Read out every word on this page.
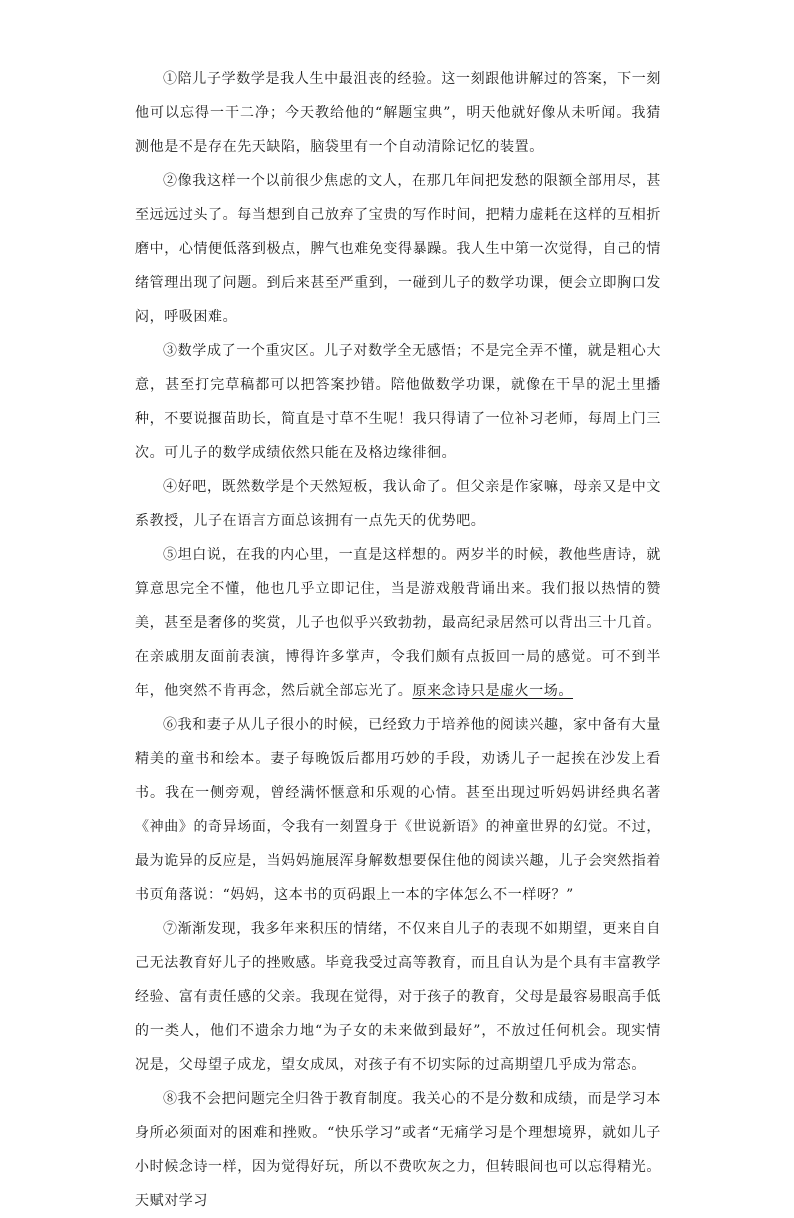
①陪儿子学数学是我人生中最沮丧的经验。这一刻跟他讲解过的答案，下一刻他可以忘得一干二净；今天教给他的“解题宝典”，明天他就好像从未听闻。我猜测他是不是存在先天缺陷，脑袋里有一个自动清除记忆的装置。

②像我这样一个以前很少焦虑的文人，在那几年间把发愁的限额全部用尽，甚至远远过头了。每当想到自己放弃了宝贵的写作时间，把精力虚耗在这样的互相折磨中，心情便低落到极点，脾气也难免变得暴躁。我人生中第一次觉得，自己的情绪管理出现了问题。到后来甚至严重到，一碰到儿子的数学功课，便会立即胸口发闷，呼吸困难。

③数学成了一个重灾区。儿子对数学全无感悟；不是完全弄不懂，就是粗心大意，甚至打完草稿都可以把答案抄错。陪他做数学功课，就像在干旱的泥土里播种，不要说揠苗助长，简直是寸草不生呢！我只得请了一位补习老师，每周上门三次。可儿子的数学成绩依然只能在及格边缘徘徊。

④好吧，既然数学是个天然短板，我认命了。但父亲是作家嘛，母亲又是中文系教授，儿子在语言方面总该拥有一点先天的优势吧。

⑤坦白说，在我的内心里，一直是这样想的。两岁半的时候，教他些唐诗，就算意思完全不懂，他也几乎立即记住，当是游戏般背诵出来。我们报以热情的赞美，甚至是奢侈的奖赏，儿子也似乎兴致勃勃，最高纪录居然可以背出三十几首。在亲戚朋友面前表演，博得许多掌声，令我们颇有点扳回一局的感觉。可不到半年，他突然不肯再念，然后就全部忘光了。原来念诗只是虚火一场。

⑥我和妻子从儿子很小的时候，已经致力于培养他的阅读兴趣，家中备有大量精美的童书和绘本。妻子每晚饭后都用巧妙的手段，劝诱儿子一起挨在沙发上看书。我在一侧旁观，曾经满怀惬意和乐观的心情。甚至出现过听妈妈讲经典名著《神曲》的奇异场面，令我有一刻置身于《世说新语》的神童世界的幻觉。不过，最为诡异的反应是，当妈妈施展浑身解数想要保住他的阅读兴趣，儿子会突然指着书页角落说：“妈妈，这本书的页码跟上一本的字体怎么不一样呀？”

⑦渐渐发现，我多年来积压的情绪，不仅来自儿子的表现不如期望，更来自自己无法教育好儿子的挫败感。毕竟我受过高等教育，而且自认为是个具有丰富教学经验、富有责任感的父亲。我现在觉得，对于孩子的教育，父母是最容易眼高手低的一类人，他们不遗余力地“为子女的未来做到最好”，不放过任何机会。现实情况是，父母望子成龙，望女成凤，对孩子有不切实际的过高期望几乎成为常态。

⑧我不会把问题完全归咎于教育制度。我关心的不是分数和成绩，而是学习本身所必须面对的困难和挫败。“快乐学习”或者“无痛学习是个理想境界，就如儿子小时候念诗一样，因为觉得好玩，所以不费吹灰之力，但转眼间也可以忘得精光。天赋对学习
